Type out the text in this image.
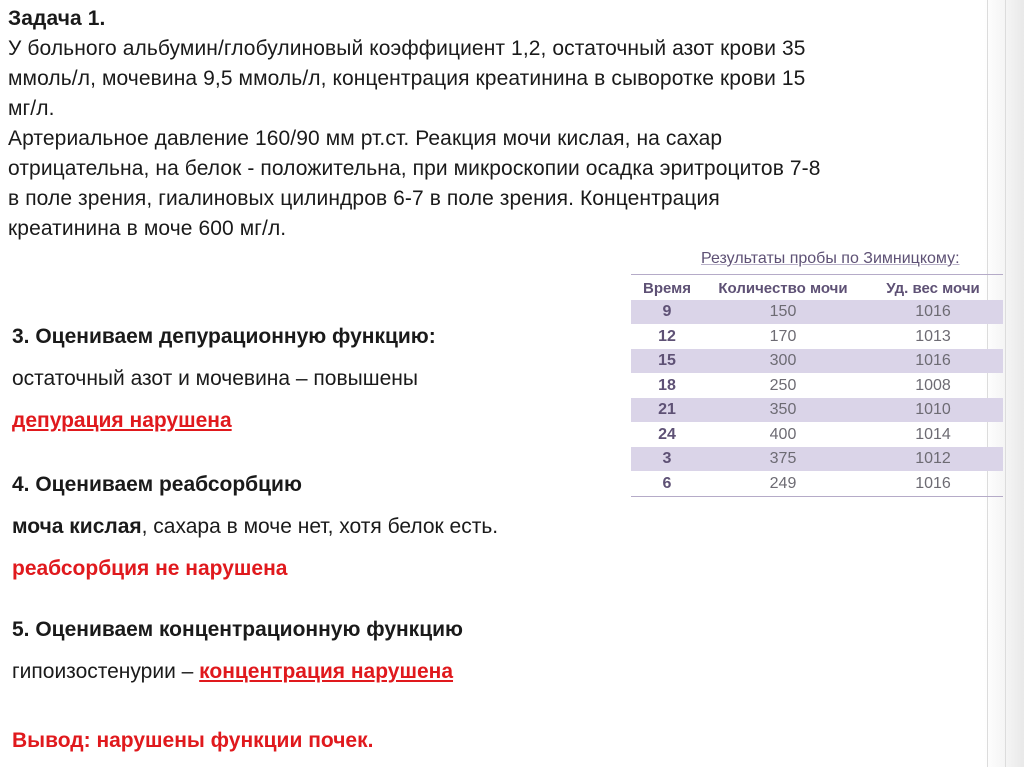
Задача 1.

У больного альбумин/глобулиновый коэффициент 1,2, остаточный азот крови 35

ммоль/л, мочевина 9,5 ммоль/л, концентрация креатинина в сыворотке крови 15

мг/л.

Артериальное давление 160/90 мм рт.ст. Реакция мочи кислая, на сахар

отрицательна, на белок - положительна, при микроскопии осадка эритроцитов 7-8

в поле зрения, гиалиновых цилиндров 6-7 в поле зрения. Концентрация

креатинина в моче 600 мг/л.

3. Оцениваем депурационную функцию:
остаточный азот и мочевина – повышены
депурация нарушена
4. Оцениваем реабсорбцию
моча кислая, сахара в моче нет, хотя белок есть.
реабсорбция не нарушена
5. Оцениваем концентрационную функцию
гипоизостенурии – концентрация нарушена
Вывод: нарушены функции почек.
Результаты пробы по Зимницкому:
Время	Количество мочи	Уд. вес мочи
9	150	1016
12	170	1013
15	300	1016
18	250	1008
21	350	1010
24	400	1014
3	375	1012
6	249	1016
